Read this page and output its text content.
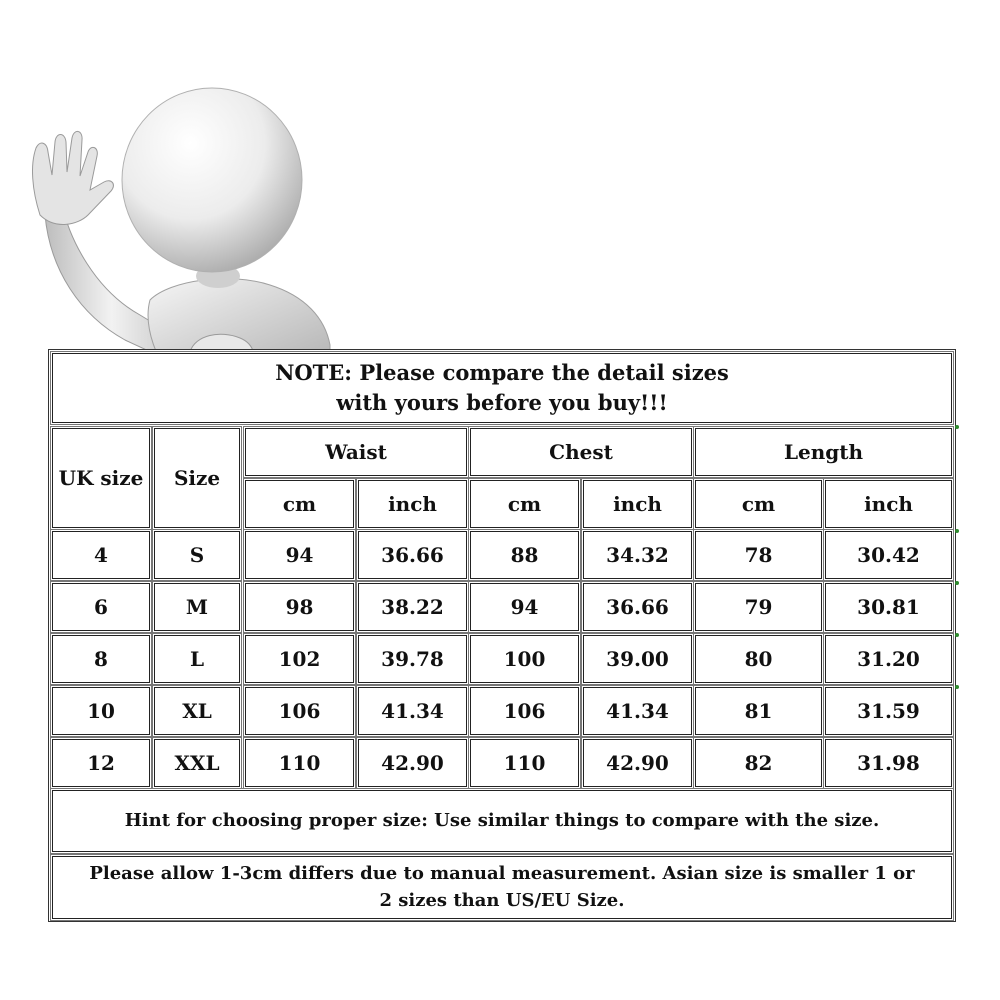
NOTE: Please compare the detail sizes
with yours before you buy!!!
UK size	Size
Waist	Chest	Length
cm	inch	cm	inch	cm	inch
4	S	94	36.66	88	34.32	78	30.42
6	M	98	38.22	94	36.66	79	30.81
8	L	102	39.78	100	39.00	80	31.20
10	XL	106	41.34	106	41.34	81	31.59
12	XXL	110	42.90	110	42.90	82	31.98
Hint for choosing proper size: Use similar things to compare with the size.
Please allow 1-3cm differs due to manual measurement. Asian size is smaller 1 or 2 sizes than US/EU Size.
